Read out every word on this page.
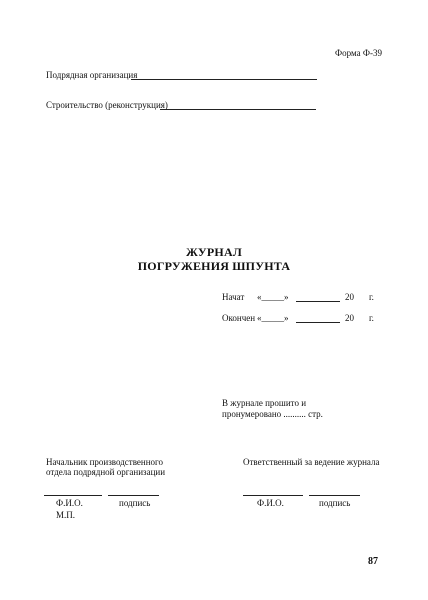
Форма Ф-39
Подрядная организация
Строительство (реконструкция)
ЖУРНАЛ
ПОГРУЖЕНИЯ ШПУНТА
Начат «_____»	20 г.
Окончен «_____»	20 г.
В журнале прошито и
пронумеровано .......... стр.
Начальник производственного
отдела подрядной организации
Ф.И.О.	подпись
М.П.
Ответственный за ведение журнала
Ф.И.О.	подпись
87
